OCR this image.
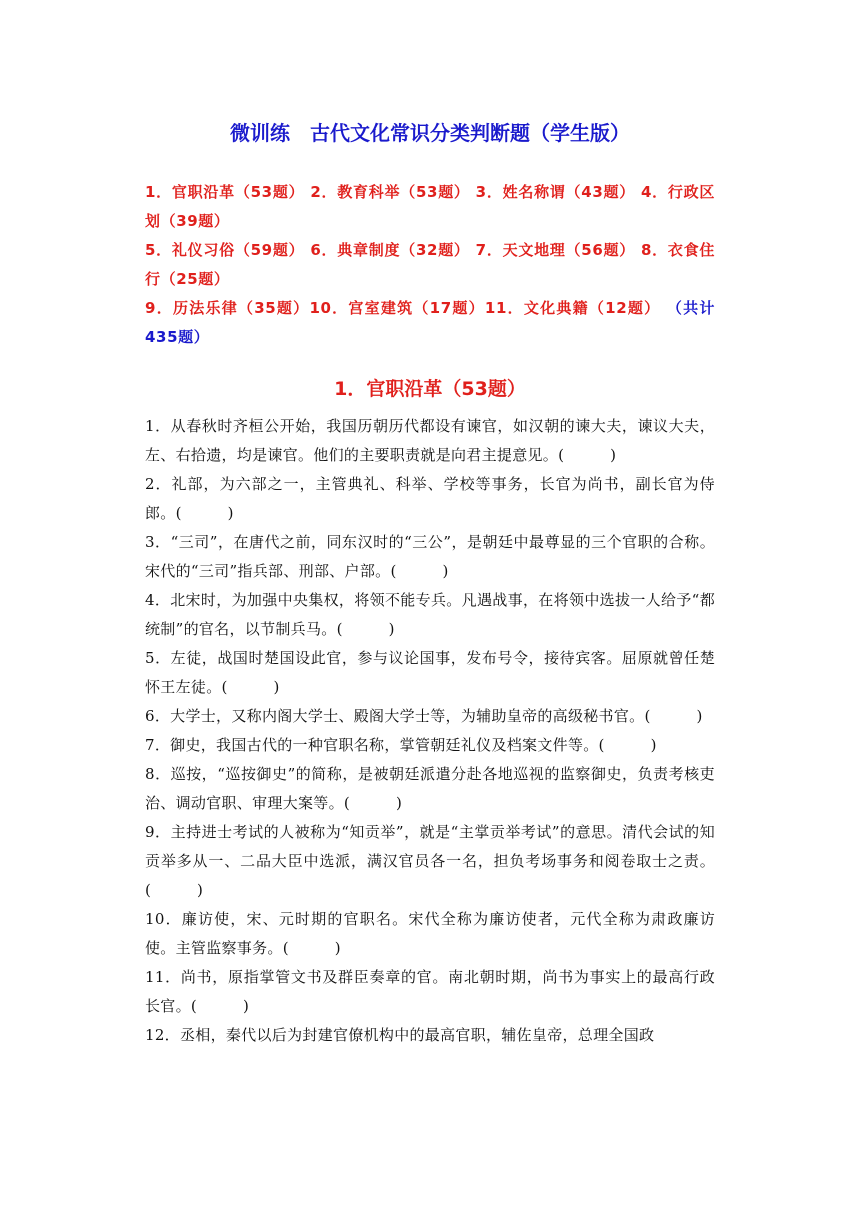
微训练　古代文化常识分类判断题（学生版）
1．官职沿革（53题） 2．教育科举（53题） 3．姓名称谓（43题） 4．行政区划（39题）
5．礼仪习俗（59题） 6．典章制度（32题） 7．天文地理（56题） 8．衣食住行（25题）
9．历法乐律（35题）10．宫室建筑（17题）11．文化典籍（12题） （共计435题）
1．官职沿革（53题）

1．从春秋时齐桓公开始，我国历朝历代都设有谏官，如汉朝的谏大夫，谏议大夫，左、右拾遗，均是谏官。他们的主要职责就是向君主提意见。(　　　)

2．礼部，为六部之一，主管典礼、科举、学校等事务，长官为尚书，副长官为侍郎。(　　　)

3．“三司”，在唐代之前，同东汉时的“三公”，是朝廷中最尊显的三个官职的合称。宋代的“三司”指兵部、刑部、户部。(　　　)

4．北宋时，为加强中央集权，将领不能专兵。凡遇战事，在将领中选拔一人给予“都统制”的官名，以节制兵马。(　　　)

5．左徒，战国时楚国设此官，参与议论国事，发布号令，接待宾客。屈原就曾任楚怀王左徒。(　　　)

6．大学士，又称内阁大学士、殿阁大学士等，为辅助皇帝的高级秘书官。(　　　)

7．御史，我国古代的一种官职名称，掌管朝廷礼仪及档案文件等。(　　　)

8．巡按，“巡按御史”的简称，是被朝廷派遣分赴各地巡视的监察御史，负责考核吏治、调动官职、审理大案等。(　　　)

9．主持进士考试的人被称为“知贡举”，就是“主掌贡举考试”的意思。清代会试的知贡举多从一、二品大臣中选派，满汉官员各一名，担负考场事务和阅卷取士之责。(　　　)

10．廉访使，宋、元时期的官职名。宋代全称为廉访使者，元代全称为肃政廉访使。主管监察事务。(　　　)

11．尚书，原指掌管文书及群臣奏章的官。南北朝时期，尚书为事实上的最高行政长官。(　　　)

12．丞相，秦代以后为封建官僚机构中的最高官职，辅佐皇帝，总理全国政
